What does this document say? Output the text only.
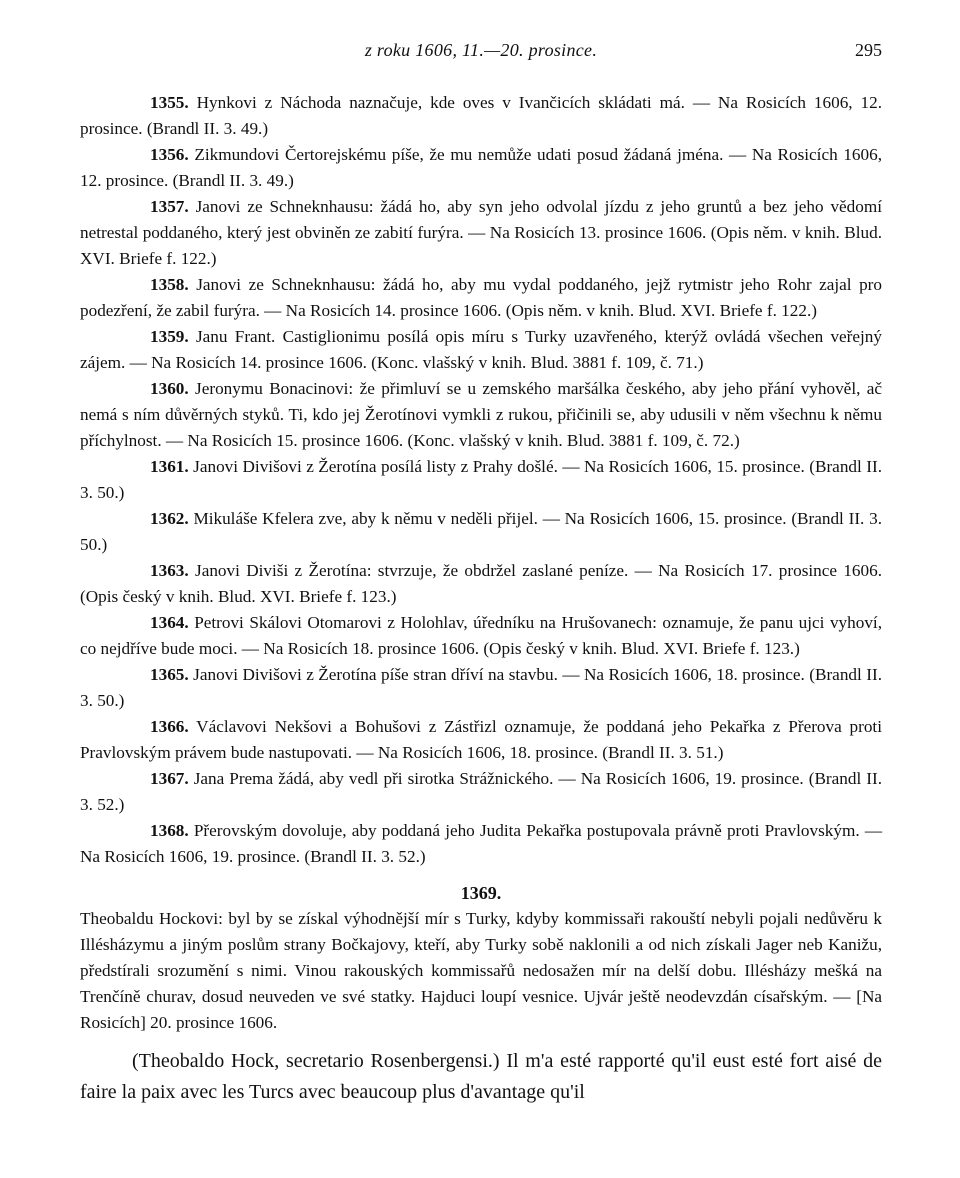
z roku 1606, 11.—20. prosince.	295

1355. Hynkovi z Náchoda naznačuje, kde oves v Ivančicích skládati má. — Na Rosicích 1606, 12. prosince. (Brandl II. 3. 49.)

1356. Zikmundovi Čertorejskému píše, že mu nemůže udati posud žádaná jména. — Na Rosicích 1606, 12. prosince. (Brandl II. 3. 49.)

1357. Janovi ze Schneknhausu: žádá ho, aby syn jeho odvolal jízdu z jeho gruntů a bez jeho vědomí netrestal poddaného, který jest obviněn ze zabití furýra. — Na Rosicích 13. prosince 1606. (Opis něm. v knih. Blud. XVI. Briefe f. 122.)

1358. Janovi ze Schneknhausu: žádá ho, aby mu vydal poddaného, jejž rytmistr jeho Rohr zajal pro podezření, že zabil furýra. — Na Rosicích 14. prosince 1606. (Opis něm. v knih. Blud. XVI. Briefe f. 122.)

1359. Janu Frant. Castiglionimu posílá opis míru s Turky uzavřeného, kterýž ovládá všechen veřejný zájem. — Na Rosicích 14. prosince 1606. (Konc. vlašský v knih. Blud. 3881 f. 109, č. 71.)

1360. Jeronymu Bonacinovi: že přimluví se u zemského maršálka českého, aby jeho přání vyhověl, ač nemá s ním důvěrných styků. Ti, kdo jej Žerotínovi vymkli z rukou, přičinili se, aby udusili v něm všechnu k němu příchylnost. — Na Rosicích 15. prosince 1606. (Konc. vlašský v knih. Blud. 3881 f. 109, č. 72.)

1361. Janovi Divišovi z Žerotína posílá listy z Prahy došlé. — Na Rosicích 1606, 15. prosince. (Brandl II. 3. 50.)

1362. Mikuláše Kfelera zve, aby k němu v neděli přijel. — Na Rosicích 1606, 15. prosince. (Brandl II. 3. 50.)

1363. Janovi Diviši z Žerotína: stvrzuje, že obdržel zaslané peníze. — Na Rosicích 17. prosince 1606. (Opis český v knih. Blud. XVI. Briefe f. 123.)

1364. Petrovi Skálovi Otomarovi z Holohlav, úředníku na Hrušovanech: oznamuje, že panu ujci vyhoví, co nejdříve bude moci. — Na Rosicích 18. prosince 1606. (Opis český v knih. Blud. XVI. Briefe f. 123.)

1365. Janovi Divišovi z Žerotína píše stran dříví na stavbu. — Na Rosicích 1606, 18. prosince. (Brandl II. 3. 50.)

1366. Václavovi Nekšovi a Bohušovi z Zástřizl oznamuje, že poddaná jeho Pekařka z Přerova proti Pravlovským právem bude nastupovati. — Na Rosicích 1606, 18. prosince. (Brandl II. 3. 51.)

1367. Jana Prema žádá, aby vedl při sirotka Strážnického. — Na Rosicích 1606, 19. prosince. (Brandl II. 3. 52.)

1368. Přerovským dovoluje, aby poddaná jeho Judita Pekařka postupovala právně proti Pravlovským. — Na Rosicích 1606, 19. prosince. (Brandl II. 3. 52.)

1369.

Theobaldu Hockovi: byl by se získal výhodnější mír s Turky, kdyby kommissaři rakouští nebyli pojali nedůvěru k Illésházymu a jiným poslům strany Bočkajovy, kteří, aby Turky sobě naklonili a od nich získali Jager neb Kanižu, předstírali srozumění s nimi. Vinou rakouských kommissařů nedosažen mír na delší dobu. Illésházy mešká na Trenčíně churav, dosud neuveden ve své statky. Hajduci loupí vesnice. Ujvár ještě neodevzdán císařským. — [Na Rosicích] 20. prosince 1606.

(Theobaldo Hock, secretario Rosenbergensi.) Il m'a esté rapporté qu'il eust esté fort aisé de faire la paix avec les Turcs avec beaucoup plus d'avantage qu'il
